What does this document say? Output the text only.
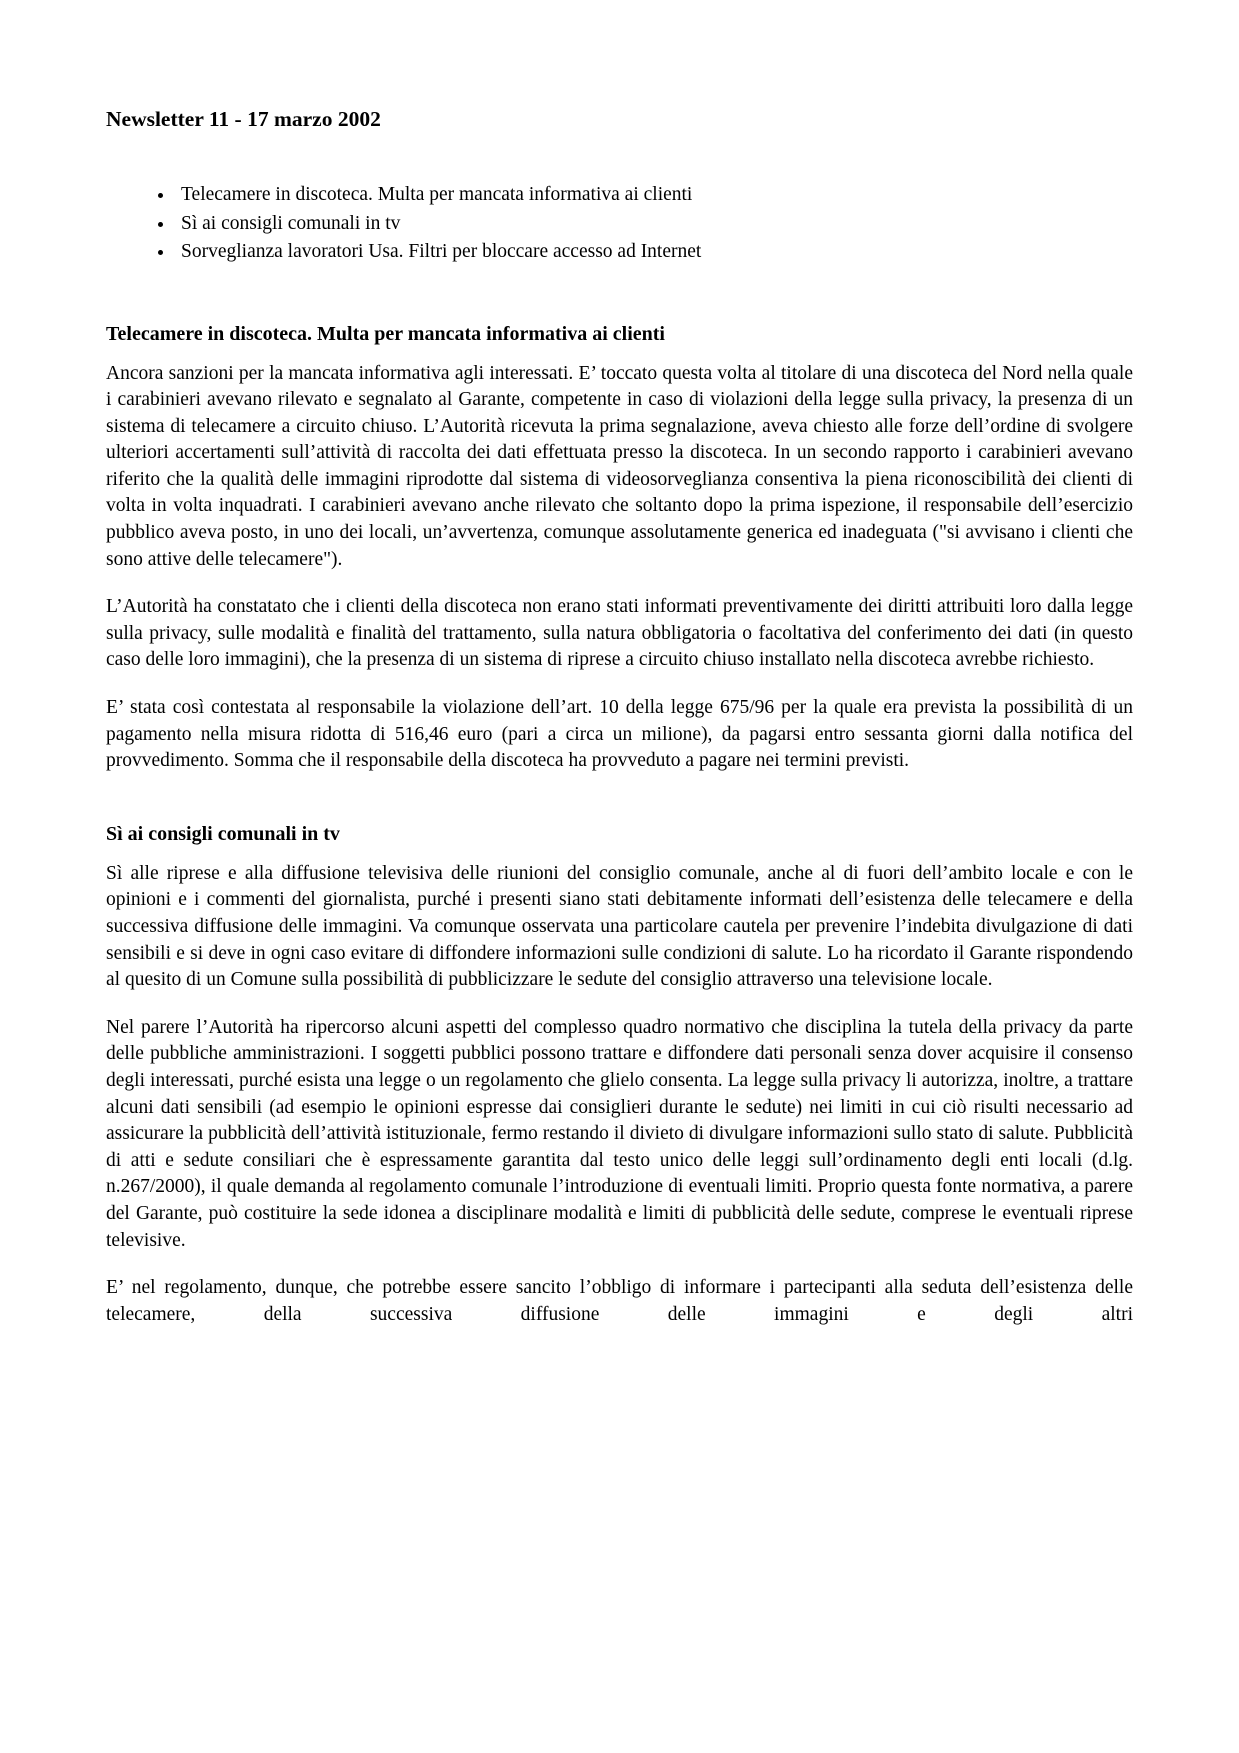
Newsletter 11 - 17 marzo 2002
• Telecamere in discoteca. Multa per mancata informativa ai clienti
• Sì ai consigli comunali in tv
• Sorveglianza lavoratori Usa. Filtri per bloccare accesso ad Internet
Telecamere in discoteca. Multa per mancata informativa ai clienti

Ancora sanzioni per la mancata informativa agli interessati. E’ toccato questa volta al titolare di una discoteca del Nord nella quale i carabinieri avevano rilevato e segnalato al Garante, competente in caso di violazioni della legge sulla privacy, la presenza di un sistema di telecamere a circuito chiuso. L’Autorità ricevuta la prima segnalazione, aveva chiesto alle forze dell’ordine di svolgere ulteriori accertamenti sull’attività di raccolta dei dati effettuata presso la discoteca. In un secondo rapporto i carabinieri avevano riferito che la qualità delle immagini riprodotte dal sistema di videosorveglianza consentiva la piena riconoscibilità dei clienti di volta in volta inquadrati. I carabinieri avevano anche rilevato che soltanto dopo la prima ispezione, il responsabile dell’esercizio pubblico aveva posto, in uno dei locali, un’avvertenza, comunque assolutamente generica ed inadeguata ("si avvisano i clienti che sono attive delle telecamere").

L’Autorità ha constatato che i clienti della discoteca non erano stati informati preventivamente dei diritti attribuiti loro dalla legge sulla privacy, sulle modalità e finalità del trattamento, sulla natura obbligatoria o facoltativa del conferimento dei dati (in questo caso delle loro immagini), che la presenza di un sistema di riprese a circuito chiuso installato nella discoteca avrebbe richiesto.

E’ stata così contestata al responsabile la violazione dell’art. 10 della legge 675/96 per la quale era prevista la possibilità di un pagamento nella misura ridotta di 516,46 euro (pari a circa un milione), da pagarsi entro sessanta giorni dalla notifica del provvedimento. Somma che il responsabile della discoteca ha provveduto a pagare nei termini previsti.

Sì ai consigli comunali in tv

Sì alle riprese e alla diffusione televisiva delle riunioni del consiglio comunale, anche al di fuori dell’ambito locale e con le opinioni e i commenti del giornalista, purché i presenti siano stati debitamente informati dell’esistenza delle telecamere e della successiva diffusione delle immagini. Va comunque osservata una particolare cautela per prevenire l’indebita divulgazione di dati sensibili e si deve in ogni caso evitare di diffondere informazioni sulle condizioni di salute. Lo ha ricordato il Garante rispondendo al quesito di un Comune sulla possibilità di pubblicizzare le sedute del consiglio attraverso una televisione locale.

Nel parere l’Autorità ha ripercorso alcuni aspetti del complesso quadro normativo che disciplina la tutela della privacy da parte delle pubbliche amministrazioni. I soggetti pubblici possono trattare e diffondere dati personali senza dover acquisire il consenso degli interessati, purché esista una legge o un regolamento che glielo consenta. La legge sulla privacy li autorizza, inoltre, a trattare alcuni dati sensibili (ad esempio le opinioni espresse dai consiglieri durante le sedute) nei limiti in cui ciò risulti necessario ad assicurare la pubblicità dell’attività istituzionale, fermo restando il divieto di divulgare informazioni sullo stato di salute. Pubblicità di atti e sedute consiliari che è espressamente garantita dal testo unico delle leggi sull’ordinamento degli enti locali (d.lg. n.267/2000), il quale demanda al regolamento comunale l’introduzione di eventuali limiti. Proprio questa fonte normativa, a parere del Garante, può costituire la sede idonea a disciplinare modalità e limiti di pubblicità delle sedute, comprese le eventuali riprese televisive.

E’ nel regolamento, dunque, che potrebbe essere sancito l’obbligo di informare i partecipanti alla seduta dell’esistenza delle telecamere, della successiva diffusione delle immagini e degli altri
